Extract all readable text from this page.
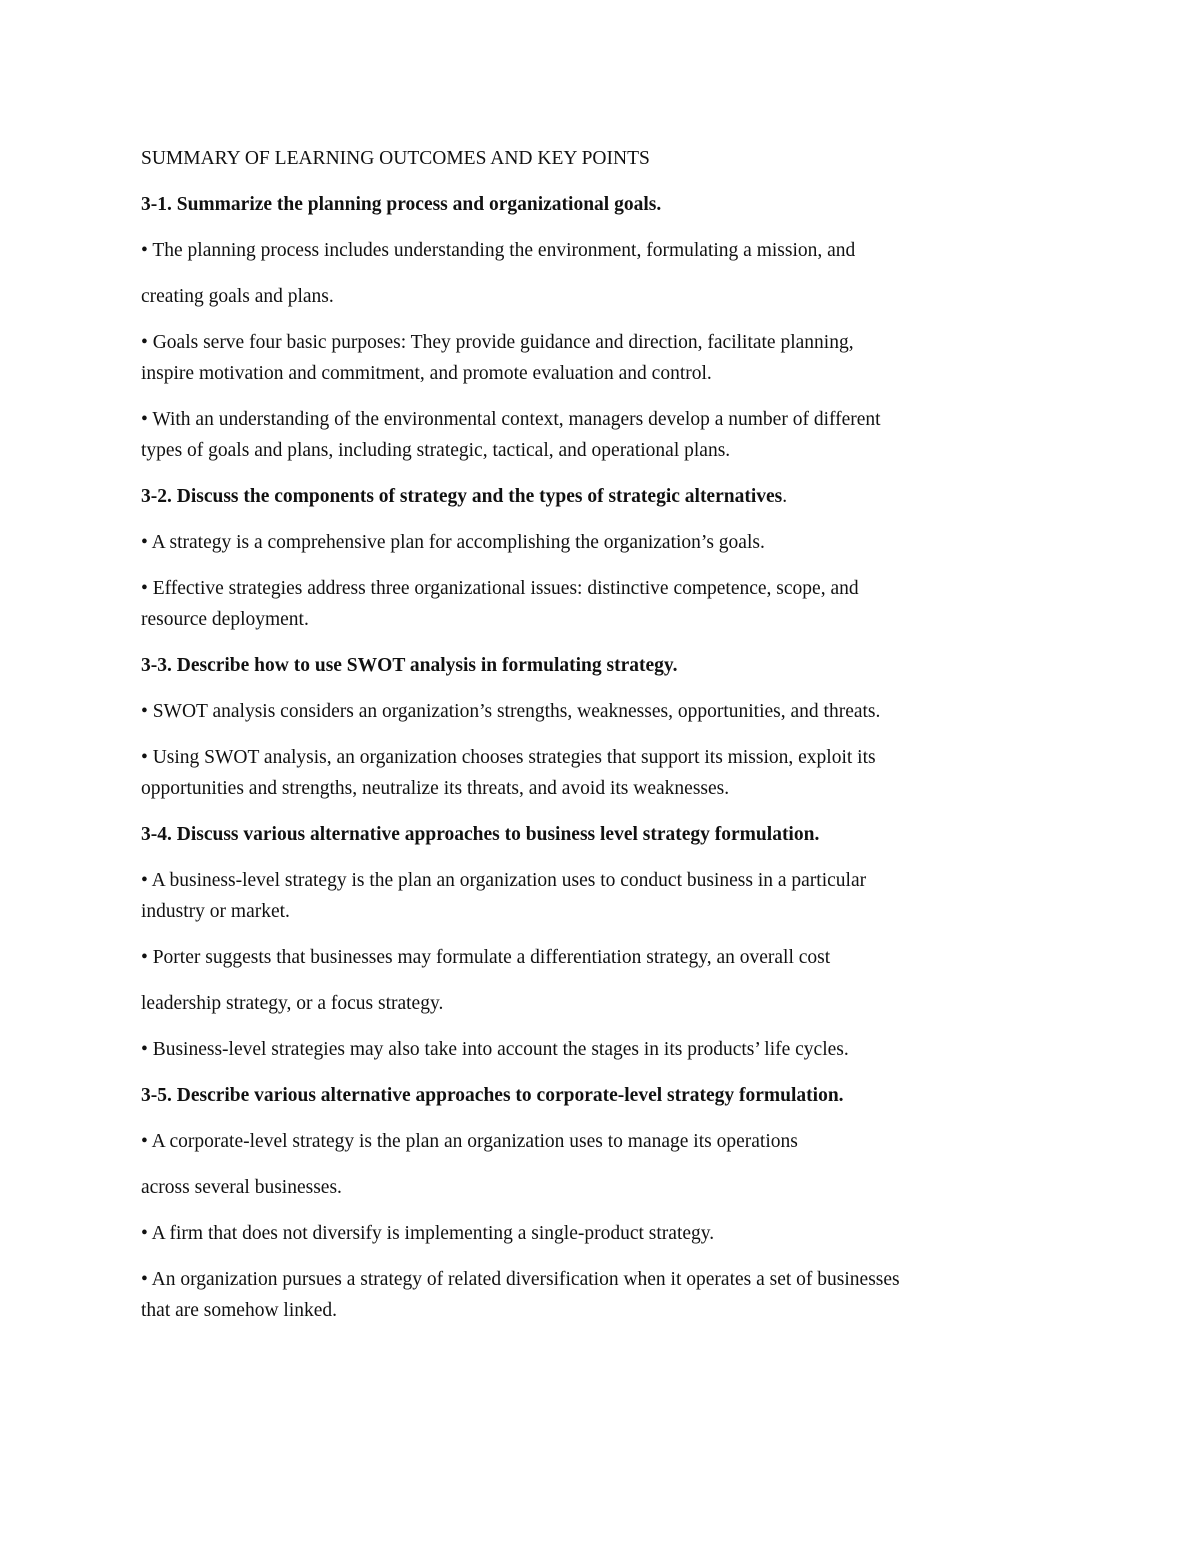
SUMMARY OF LEARNING OUTCOMES AND KEY POINTS

3-1. Summarize the planning process and organizational goals.

• The planning process includes understanding the environment, formulating a mission, and

creating goals and plans.

• Goals serve four basic purposes: They provide guidance and direction, facilitate planning,

inspire motivation and commitment, and promote evaluation and control.

• With an understanding of the environmental context, managers develop a number of different

types of goals and plans, including strategic, tactical, and operational plans.

3-2. Discuss the components of strategy and the types of strategic alternatives.

• A strategy is a comprehensive plan for accomplishing the organization’s goals.

• Effective strategies address three organizational issues: distinctive competence, scope, and

resource deployment.

3-3. Describe how to use SWOT analysis in formulating strategy.

• SWOT analysis considers an organization’s strengths, weaknesses, opportunities, and threats.

• Using SWOT analysis, an organization chooses strategies that support its mission, exploit its

opportunities and strengths, neutralize its threats, and avoid its weaknesses.

3-4. Discuss various alternative approaches to business level strategy formulation.

• A business-level strategy is the plan an organization uses to conduct business in a particular

industry or market.

• Porter suggests that businesses may formulate a differentiation strategy, an overall cost

leadership strategy, or a focus strategy.

• Business-level strategies may also take into account the stages in its products’ life cycles.

3-5. Describe various alternative approaches to corporate-level strategy formulation.

• A corporate-level strategy is the plan an organization uses to manage its operations

across several businesses.

• A firm that does not diversify is implementing a single-product strategy.

• An organization pursues a strategy of related diversification when it operates a set of businesses

that are somehow linked.
